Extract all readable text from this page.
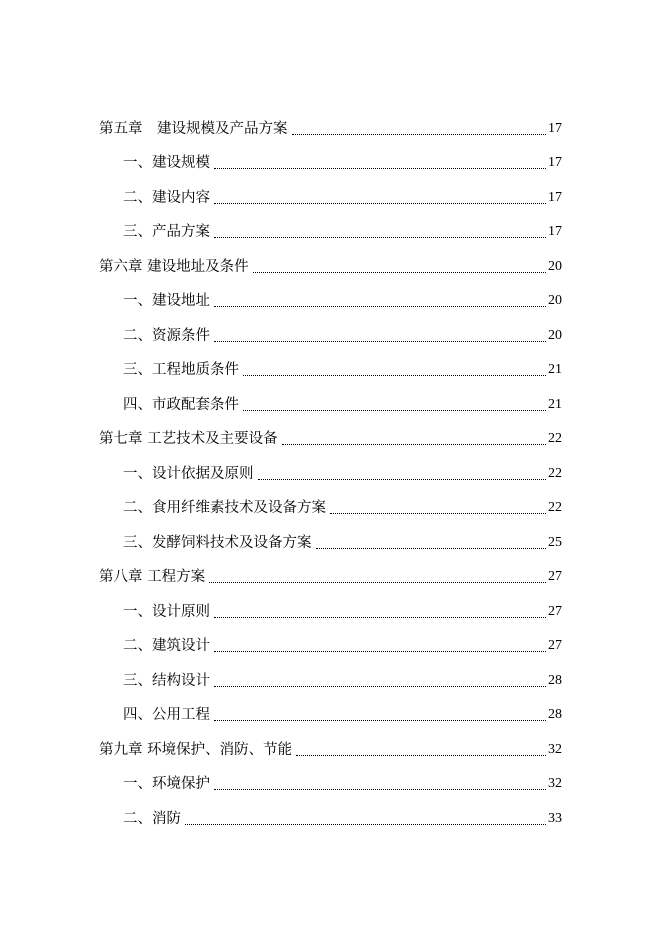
第五章　建设规模及产品方案	17
一、建设规模	17
二、建设内容	17
三、产品方案	17
第六章 建设地址及条件	20
一、建设地址	20
二、资源条件	20
三、工程地质条件	21
四、市政配套条件	21
第七章 工艺技术及主要设备	22
一、设计依据及原则	22
二、食用纤维素技术及设备方案	22
三、发酵饲料技术及设备方案	25
第八章 工程方案	27
一、设计原则	27
二、建筑设计	27
三、结构设计	28
四、公用工程	28
第九章 环境保护、消防、节能	32
一、环境保护	32
二、消防	33
